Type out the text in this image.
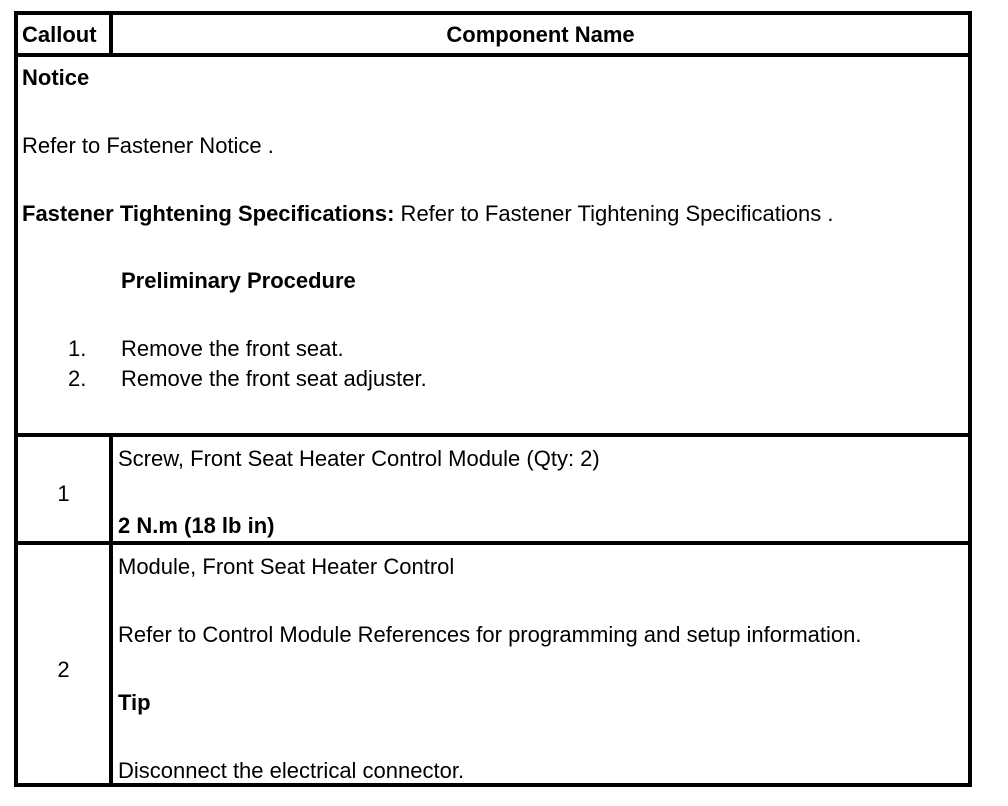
Callout	Component Name
Notice
Refer to Fastener Notice .
Fastener Tightening Specifications: Refer to Fastener Tightening Specifications .
Preliminary Procedure
1. Remove the front seat.
2. Remove the front seat adjuster.
1
Screw, Front Seat Heater Control Module (Qty: 2)
2 N.m (18 lb in)
2
Module, Front Seat Heater Control
Refer to Control Module References for programming and setup information.
Tip
Disconnect the electrical connector.
